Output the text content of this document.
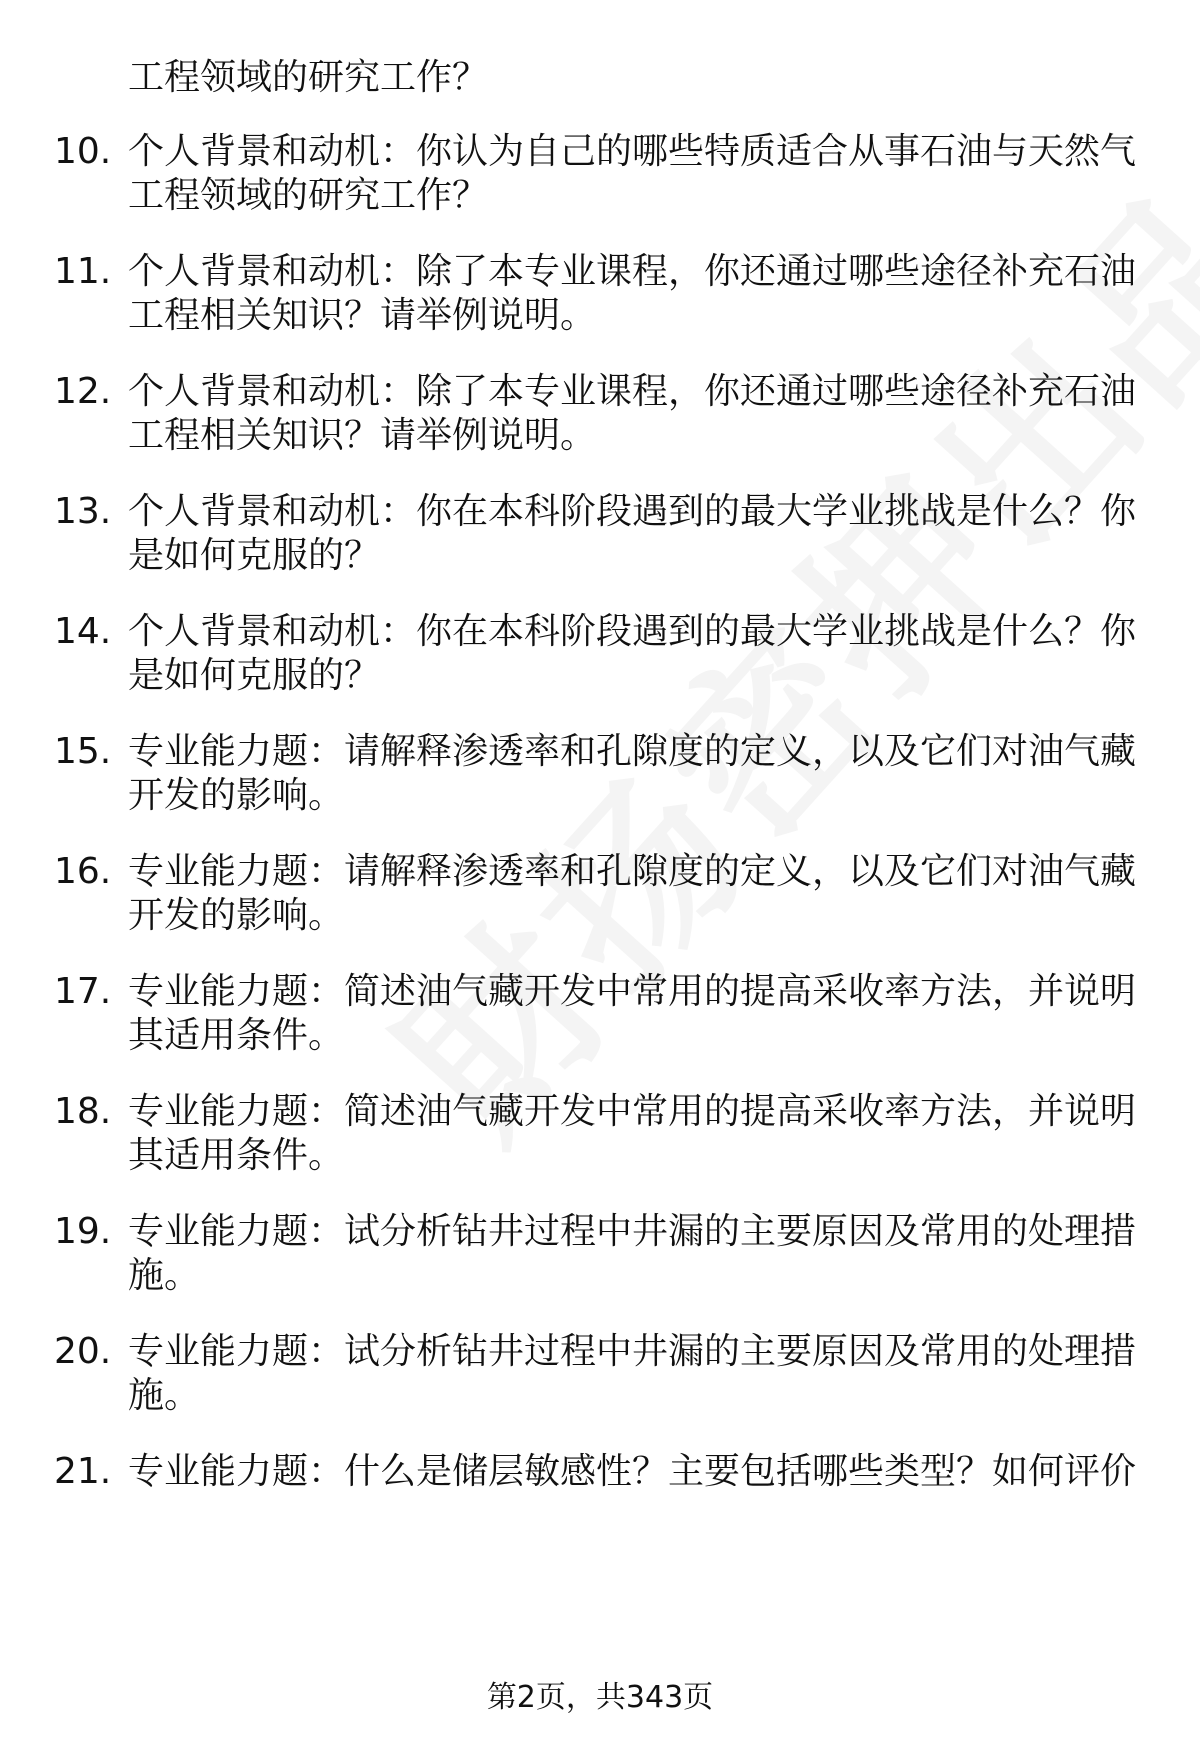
工程领域的研究工作？
10. 个人背景和动机：你认为自己的哪些特质适合从事石油与天然气
工程领域的研究工作？
11. 个人背景和动机：除了本专业课程，你还通过哪些途径补充石油
工程相关知识？请举例说明。
12. 个人背景和动机：除了本专业课程，你还通过哪些途径补充石油
工程相关知识？请举例说明。
13. 个人背景和动机：你在本科阶段遇到的最大学业挑战是什么？你
是如何克服的？
14. 个人背景和动机：你在本科阶段遇到的最大学业挑战是什么？你
是如何克服的？
15. 专业能力题：请解释渗透率和孔隙度的定义，以及它们对油气藏
开发的影响。
16. 专业能力题：请解释渗透率和孔隙度的定义，以及它们对油气藏
开发的影响。
17. 专业能力题：简述油气藏开发中常用的提高采收率方法，并说明
其适用条件。
18. 专业能力题：简述油气藏开发中常用的提高采收率方法，并说明
其适用条件。
19. 专业能力题：试分析钻井过程中井漏的主要原因及常用的处理措
施。
20. 专业能力题：试分析钻井过程中井漏的主要原因及常用的处理措
施。
21. 专业能力题：什么是储层敏感性？主要包括哪些类型？如何评价
第2页，共343页
